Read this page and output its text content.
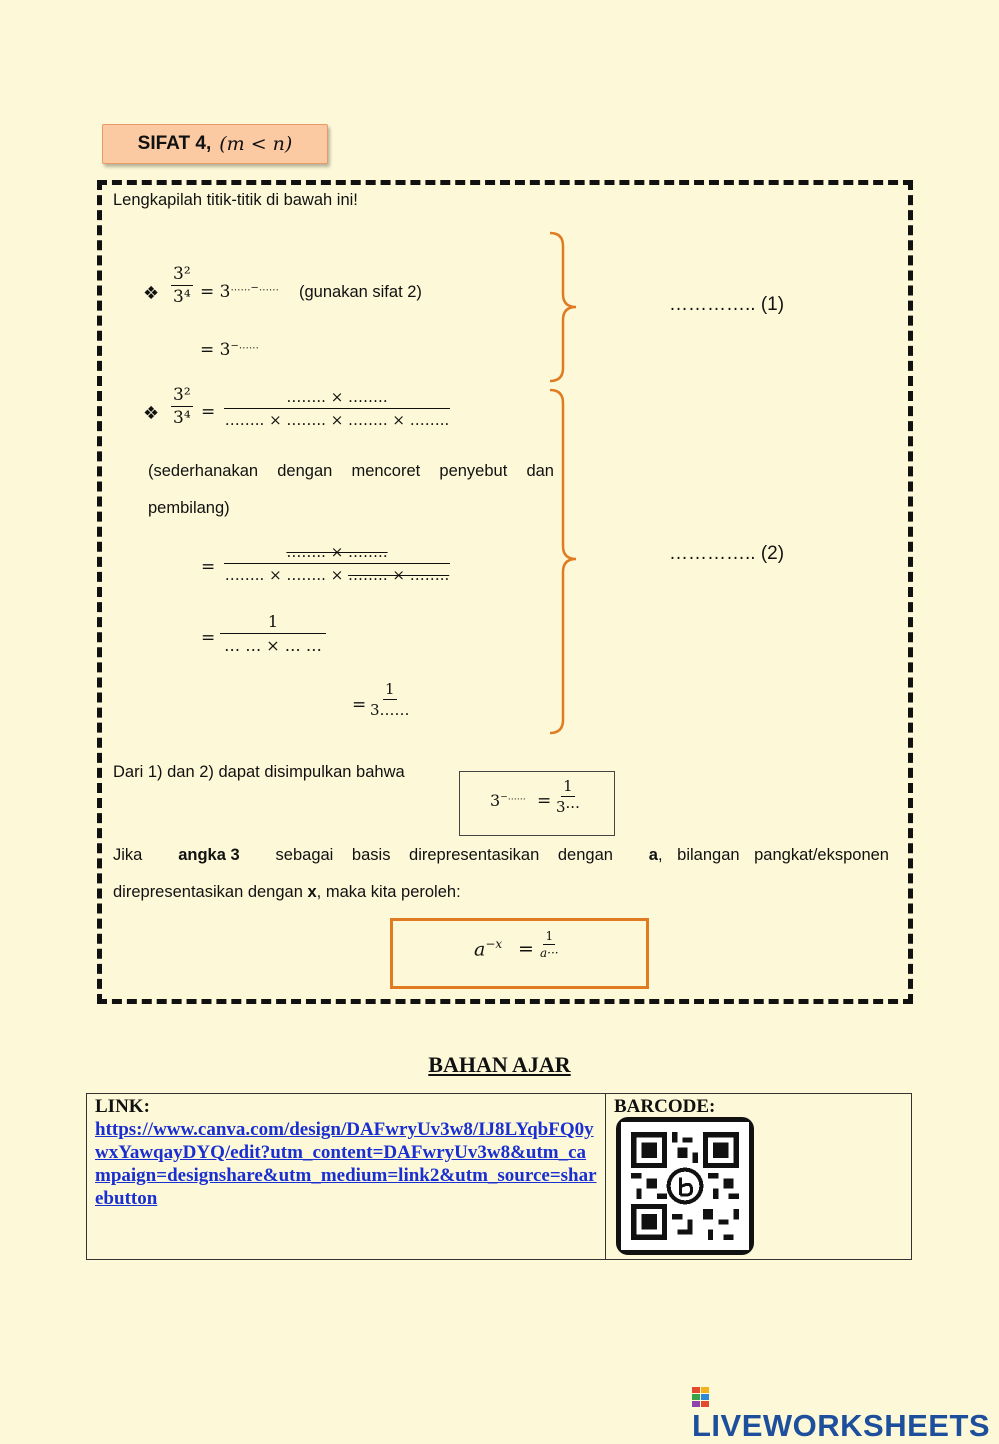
SIFAT 4, (m < n)
Lengkapilah titik-titik di bawah ini!
❖ $\frac{\text{3²}}{\text{3⁴}} = 3^{\dots\dots-\dots\dots}$ (gunakan sifat 2)
= 3−……
❖ $\frac{\text{3²}}{\text{3⁴}}$ =
…….. × ……..
…….. × …….. × …….. × ……..
(sederhanakan dengan mencoret penyebut dan
pembilang)
=
…….. × ……..
…….. × …….. × …….. × ……..
=
1
… … × … …
= $\frac{1}{3\dots\dots}$
………….. (1)
………….. (2)
Dari 1) dan 2) dapat disimpulkan bahwa
$3^{-\dots\dots} = \frac{1}{3\cdot\cdot\cdot}$
Jika angka 3 sebagai basis direpresentasikan dengan a, bilangan pangkat/eksponen
direpresentasikan dengan x, maka kita peroleh:
$a^{-x} = \frac{1}{a\cdot\cdot\cdot}$
BAHAN AJAR
LINK:
https://www.canva.com/design/DAFwryUv3w8/IJ8LYqbFQ0ywxYawqayDYQ/edit?utm_content=DAFwryUv3w8&utm_campaign=designshare&utm_medium=link2&utm_source=sharebutton

BARCODE:
LIVEWORKSHEETS
